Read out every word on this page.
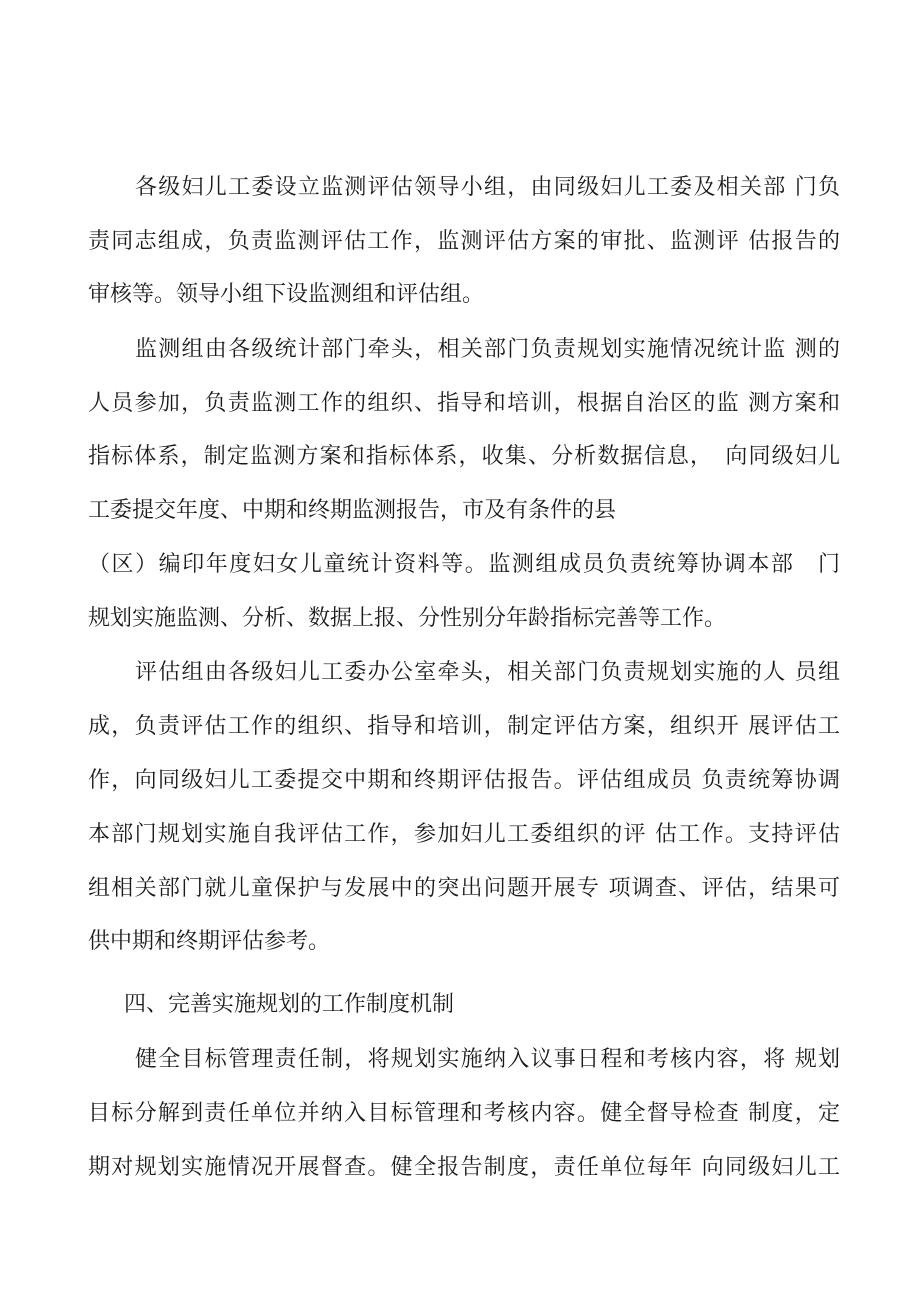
各级妇儿工委设立监测评估领导小组，由同级妇儿工委及相关部 门负
责同志组成，负责监测评估工作，监测评估方案的审批、监测评 估报告的
审核等。领导小组下设监测组和评估组。
监测组由各级统计部门牵头，相关部门负责规划实施情况统计监 测的
人员参加，负责监测工作的组织、指导和培训，根据自治区的监 测方案和
指标体系，制定监测方案和指标体系，收集、分析数据信息，　向同级妇儿
工委提交年度、中期和终期监测报告，市及有条件的县
（区）编印年度妇女儿童统计资料等。监测组成员负责统筹协调本部　门
规划实施监测、分析、数据上报、分性别分年龄指标完善等工作。
评估组由各级妇儿工委办公室牵头，相关部门负责规划实施的人 员组
成，负责评估工作的组织、指导和培训，制定评估方案，组织开 展评估工
作，向同级妇儿工委提交中期和终期评估报告。评估组成员 负责统筹协调
本部门规划实施自我评估工作，参加妇儿工委组织的评 估工作。支持评估
组相关部门就儿童保护与发展中的突出问题开展专 项调查、评估，结果可
供中期和终期评估参考。
四、完善实施规划的工作制度机制
健全目标管理责任制，将规划实施纳入议事日程和考核内容，将 规划
目标分解到责任单位并纳入目标管理和考核内容。健全督导检查 制度，定
期对规划实施情况开展督查。健全报告制度，责任单位每年 向同级妇儿工
